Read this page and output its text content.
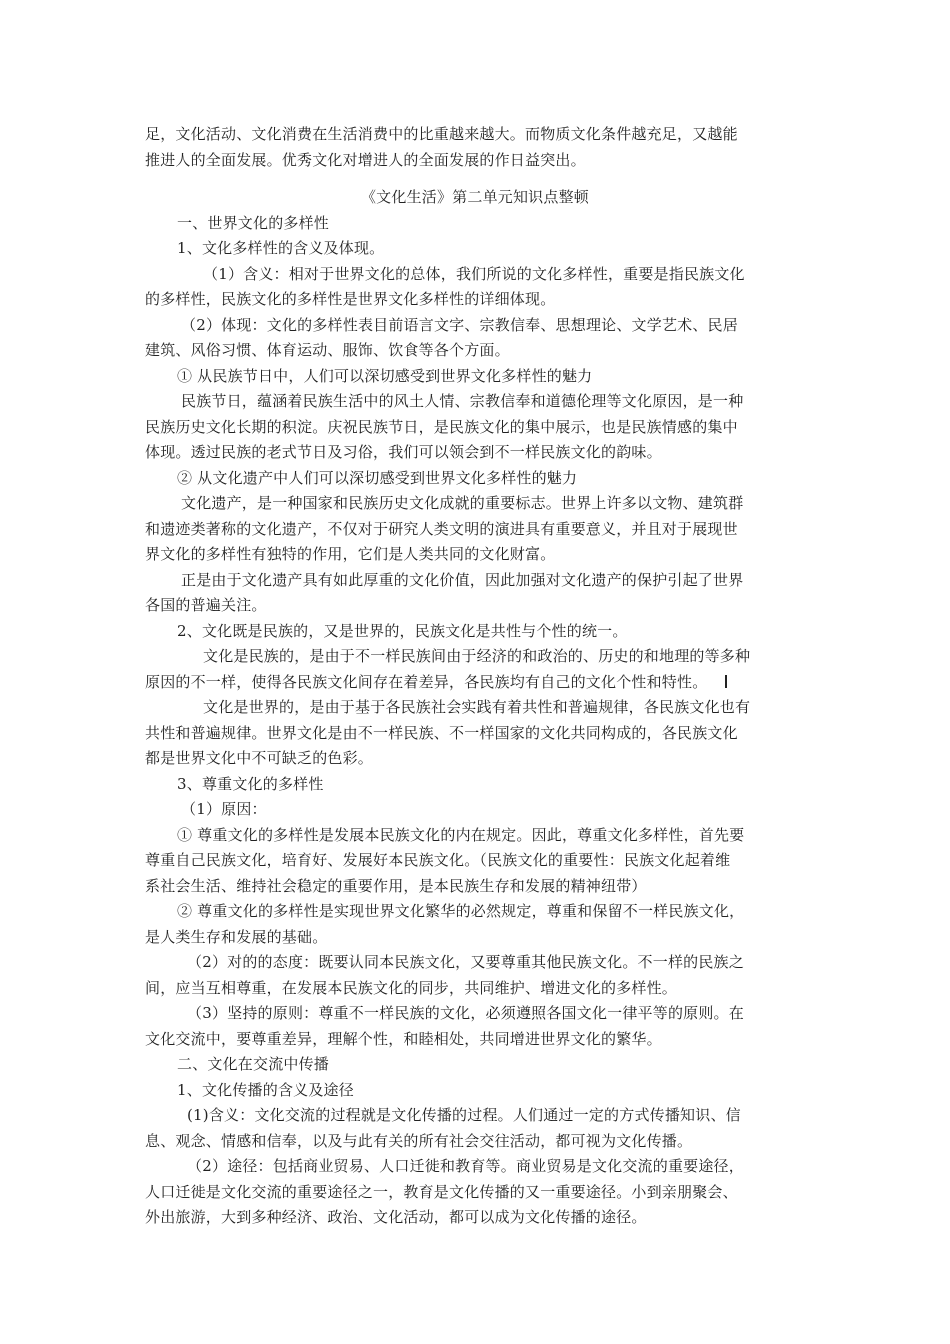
足，文化活动、文化消费在生活消费中的比重越来越大。而物质文化条件越充足，又越能
推进人的全面发展。优秀文化对增进人的全面发展的作日益突出。
《文化生活》第二单元知识点整顿
一、世界文化的多样性
1、文化多样性的含义及体现。
（1）含义：相对于世界文化的总体，我们所说的文化多样性，重要是指民族文化
的多样性，民族文化的多样性是世界文化多样性的详细体现。
（2）体现：文化的多样性表目前语言文字、宗教信奉、思想理论、文学艺术、民居
建筑、风俗习惯、体育运动、服饰、饮食等各个方面。
① 从民族节日中，人们可以深切感受到世界文化多样性的魅力
民族节日，蕴涵着民族生活中的风土人情、宗教信奉和道德伦理等文化原因，是一种
民族历史文化长期的积淀。庆祝民族节日，是民族文化的集中展示，也是民族情感的集中
体现。透过民族的老式节日及习俗，我们可以领会到不一样民族文化的韵味。
② 从文化遗产中人们可以深切感受到世界文化多样性的魅力
文化遗产，是一种国家和民族历史文化成就的重要标志。世界上许多以文物、建筑群
和遗迹类著称的文化遗产，不仅对于研究人类文明的演进具有重要意义，并且对于展现世
界文化的多样性有独特的作用，它们是人类共同的文化财富。
正是由于文化遗产具有如此厚重的文化价值，因此加强对文化遗产的保护引起了世界
各国的普遍关注。
2、文化既是民族的，又是世界的，民族文化是共性与个性的统一。
文化是民族的，是由于不一样民族间由于经济的和政治的、历史的和地理的等多种
原因的不一样，使得各民族文化间存在着差异，各民族均有自己的文化个性和特性。
文化是世界的，是由于基于各民族社会实践有着共性和普遍规律，各民族文化也有
共性和普遍规律。世界文化是由不一样民族、不一样国家的文化共同构成的，各民族文化
都是世界文化中不可缺乏的色彩。
3、尊重文化的多样性
（1）原因：
① 尊重文化的多样性是发展本民族文化的内在规定。因此，尊重文化多样性，首先要
尊重自己民族文化，培育好、发展好本民族文化。（民族文化的重要性：民族文化起着维
系社会生活、维持社会稳定的重要作用，是本民族生存和发展的精神纽带）
② 尊重文化的多样性是实现世界文化繁华的必然规定，尊重和保留不一样民族文化，
是人类生存和发展的基础。
（2）对的的态度：既要认同本民族文化，又要尊重其他民族文化。不一样的民族之
间，应当互相尊重，在发展本民族文化的同步，共同维护、增进文化的多样性。
（3）坚持的原则：尊重不一样民族的文化，必须遵照各国文化一律平等的原则。在
文化交流中，要尊重差异，理解个性，和睦相处，共同增进世界文化的繁华。
二、文化在交流中传播
1、文化传播的含义及途径
(1)含义：文化交流的过程就是文化传播的过程。人们通过一定的方式传播知识、信
息、观念、情感和信奉，以及与此有关的所有社会交往活动，都可视为文化传播。
（2）途径：包括商业贸易、人口迁徙和教育等。商业贸易是文化交流的重要途径，
人口迁徙是文化交流的重要途径之一，教育是文化传播的又一重要途径。小到亲朋聚会、
外出旅游，大到多种经济、政治、文化活动，都可以成为文化传播的途径。
